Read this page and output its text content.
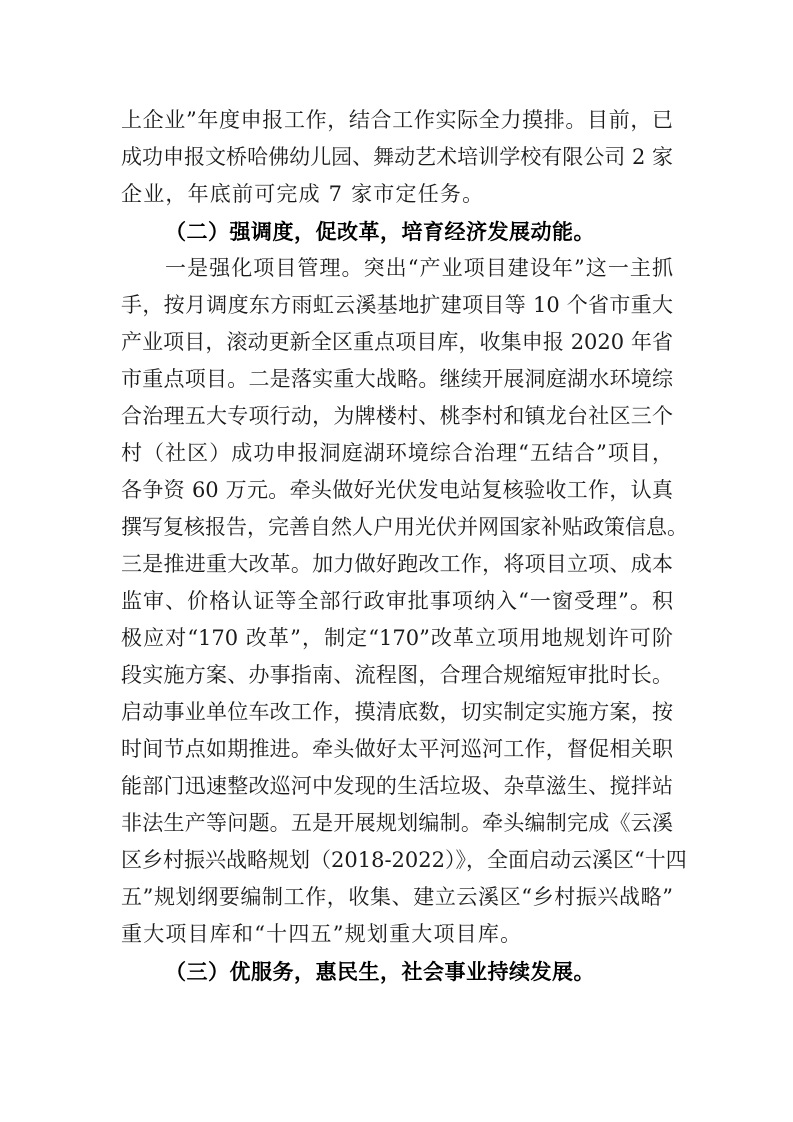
上企业”年度申报工作，结合工作实际全力摸排。目前，已
成功申报文桥哈佛幼儿园、舞动艺术培训学校有限公司 2 家
企业，年底前可完成 7 家市定任务。
（二）强调度，促改革，培育经济发展动能。
一是强化项目管理。突出“产业项目建设年”这一主抓
手，按月调度东方雨虹云溪基地扩建项目等 10 个省市重大
产业项目，滚动更新全区重点项目库，收集申报 2020 年省
市重点项目。二是落实重大战略。继续开展洞庭湖水环境综
合治理五大专项行动，为牌楼村、桃李村和镇龙台社区三个
村（社区）成功申报洞庭湖环境综合治理“五结合”项目，
各争资 60 万元。牵头做好光伏发电站复核验收工作，认真
撰写复核报告，完善自然人户用光伏并网国家补贴政策信息。
三是推进重大改革。加力做好跑改工作，将项目立项、成本
监审、价格认证等全部行政审批事项纳入“一窗受理”。积
极应对“170 改革”，制定“170”改革立项用地规划许可阶
段实施方案、办事指南、流程图，合理合规缩短审批时长。
启动事业单位车改工作，摸清底数，切实制定实施方案，按
时间节点如期推进。牵头做好太平河巡河工作，督促相关职
能部门迅速整改巡河中发现的生活垃圾、杂草滋生、搅拌站
非法生产等问题。五是开展规划编制。牵头编制完成《云溪
区乡村振兴战略规划（2018-2022）》，全面启动云溪区“十四
五”规划纲要编制工作，收集、建立云溪区“乡村振兴战略”
重大项目库和“十四五”规划重大项目库。
（三）优服务，惠民生，社会事业持续发展。
